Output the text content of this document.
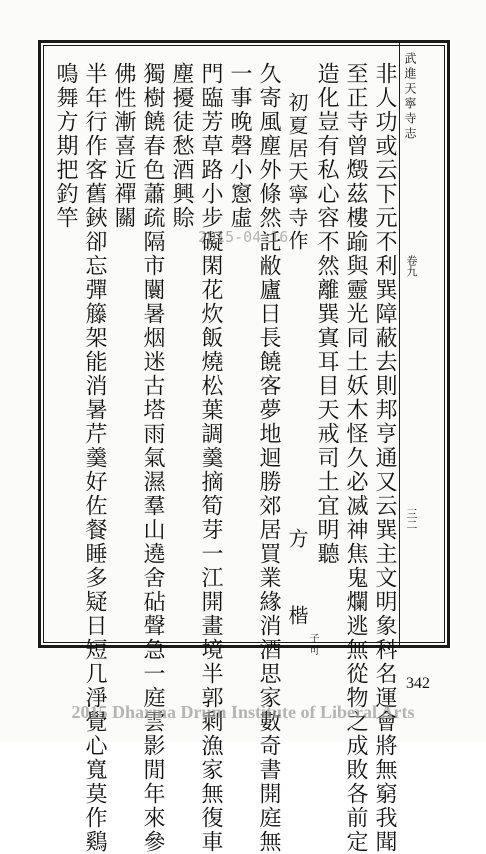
武進天寧寺志
卷九
三二
非人功或云下元不利巽障蔽去則邦亨通又云巽主文明象科名運會將無窮我聞
至正寺曾燬茲樓踰與靈光同土妖木怪久必㓕神焦鬼爛逃無從物之成敗各前定
造化豈有私心容不然離巽寘耳目天戒司土宜明聽
初夏居天寧寺作
方
楷
子可
久寄風塵外條然託敝廬日長饒客夢地迴勝郊居買業緣消酒思家數奇書開庭無
一事晚磬小窻虛
門臨芳草路小步礙閑花炊飯燒松葉調羹摘筍芽一江開畫境半郭剩漁家無復車
塵擾徒愁酒興賒
獨樹饒春色蕭疏隔市闤暑烟迷古塔雨氣濕羣山遶舍砧聲急一庭雲影閒年來參
佛性漸喜近禪關
半年行作客舊鋏卻忘彈籐架能消暑芹羹好佐餐睡多疑日短几淨覺心寬莫作鷄
鳴舞方期把釣竿
2015-04-16
342
2015 Dharma Drum Institute of Liberal Arts
